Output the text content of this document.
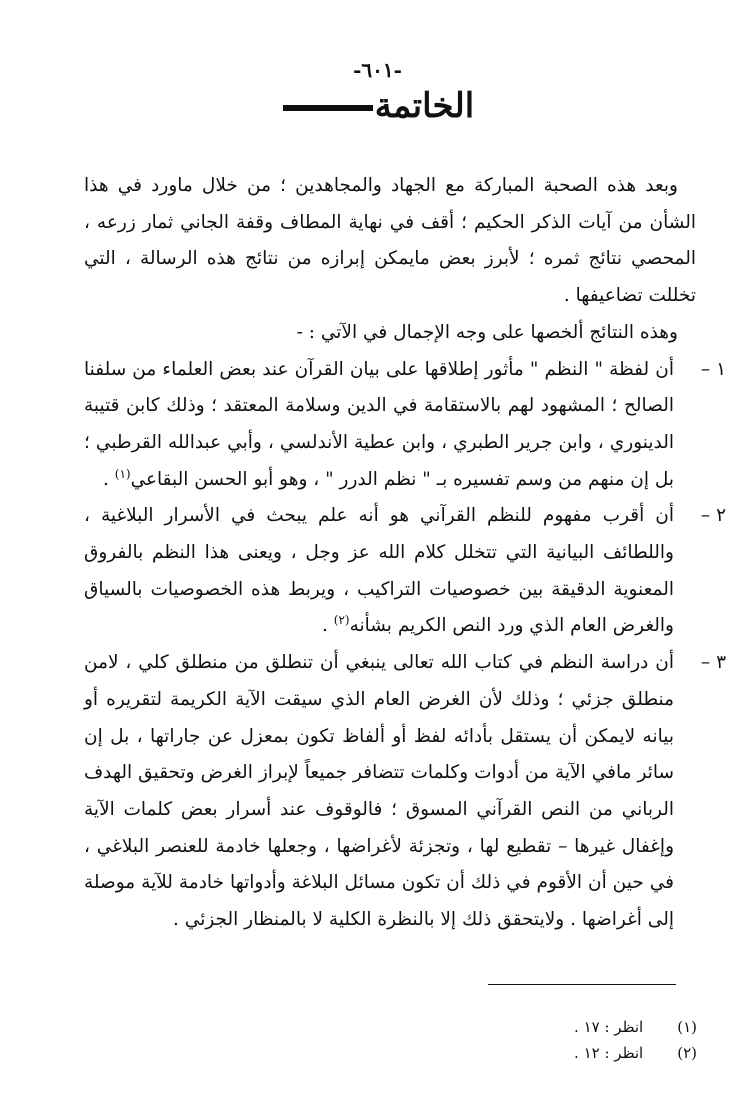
-٦٠١-
الخاتمة

وبعد هذه الصحبة المباركة مع الجهاد والمجاهدين ؛ من خلال ماورد في هذا الشأن من آيات الذكر الحكيم ؛ أقف في نهاية المطاف وقفة الجاني ثمار زرعه ، المحصي نتائج ثمره ؛ لأبرز بعض مايمكن إبرازه من نتائج هذه الرسالة ، التي تخللت تضاعيفها .

وهذه النتائج ألخصها على وجه الإجمال في الآتي : -

١ –
أن لفظة " النظم " مأثور إطلاقها على بيان القرآن عند بعض العلماء من سلفنا الصالح ؛ المشهود لهم بالاستقامة في الدين وسلامة المعتقد ؛ وذلك كابن قتيبة الدينوري ، وابن جرير الطبري ، وابن عطية الأندلسي ، وأبي عبدالله القرطبي ؛ بل إن منهم من وسم تفسيره بـ " نظم الدرر " ، وهو أبو الحسن البقاعي$^{(١)}$ .

٢ –
أن أقرب مفهوم للنظم القرآني هو أنه علم يبحث في الأسرار البلاغية ، واللطائف البيانية التي تتخلل كلام الله عز وجل ، ويعنى هذا النظم بالفروق المعنوية الدقيقة بين خصوصيات التراكيب ، ويربط هذه الخصوصيات بالسياق والغرض العام الذي ورد النص الكريم بشأنه$^{(٢)}$ .

٣ –
أن دراسة النظم في كتاب الله تعالى ينبغي أن تنطلق من منطلق كلي ، لامن منطلق جزئي ؛ وذلك لأن الغرض العام الذي سيقت الآية الكريمة لتقريره أو بيانه لايمكن أن يستقل بأدائه لفظ أو ألفاظ تكون بمعزل عن جاراتها ، بل إن سائر مافي الآية من أدوات وكلمات تتضافر جميعاً لإبراز الغرض وتحقيق الهدف الرباني من النص القرآني المسوق ؛ فالوقوف عند أسرار بعض كلمات الآية وإغفال غيرها – تقطيع لها ، وتجزئة لأغراضها ، وجعلها خادمة للعنصر البلاغي ، في حين أن الأقوم في ذلك أن تكون مسائل البلاغة وأدواتها خادمة للآية موصلة إلى أغراضها . ولايتحقق ذلك إلا بالنظرة الكلية لا بالمنظار الجزئي .

(١)
انظر : ١٧ .
(٢)
انظر : ١٢ .
